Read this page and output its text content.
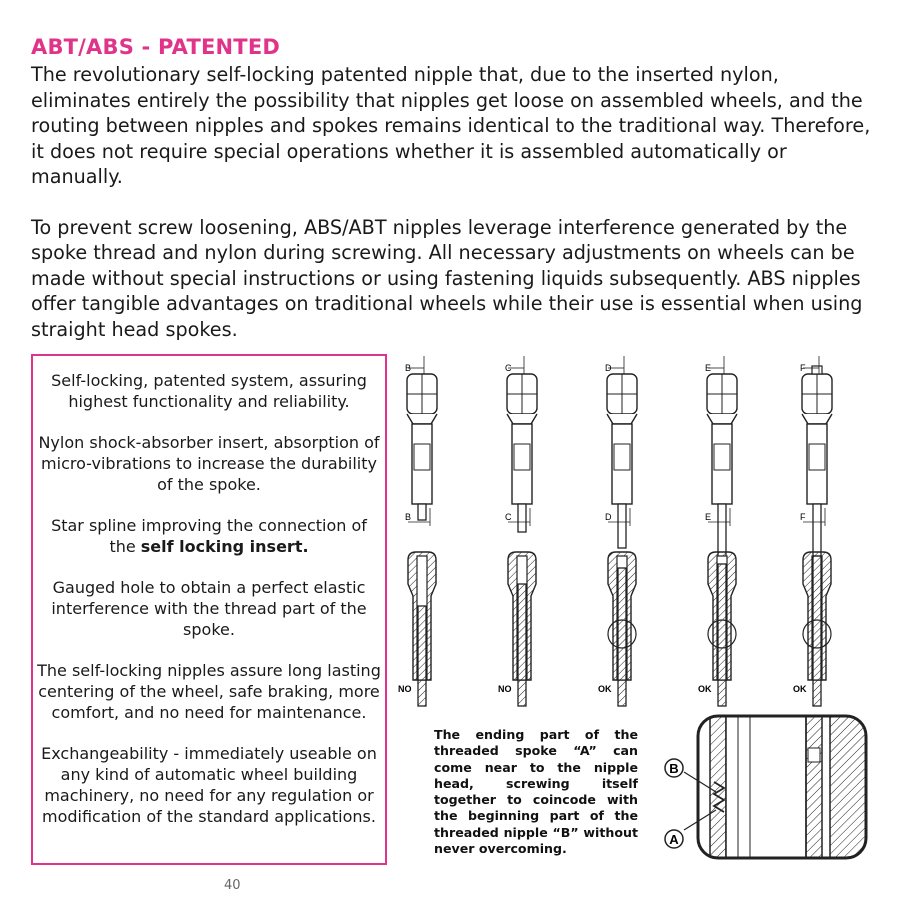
ABT/ABS - PATENTED

The revolutionary self-locking patented nipple that, due to the inserted nylon, eliminates entirely the possibility that nipples get loose on assembled wheels, and the routing between nipples and spokes remains identical to the traditional way. Therefore, it does not require special operations whether it is assembled automatically or manually.

To prevent screw loosening, ABS/ABT nipples leverage interference generated by the spoke thread and nylon during screwing. All necessary adjustments on wheels can be made without special instructions or using fastening liquids subsequently. ABS nipples offer tangible advantages on traditional wheels while their use is essential when using straight head spokes.

Self-locking, patented system, assuring highest functionality and reliability.

Nylon shock-absorber insert, absorption of micro-vibrations to increase the durability of the spoke.

Star spline improving the connection of the self locking insert.

Gauged hole to obtain a perfect elastic interference with the thread part of the spoke.

The self-locking nipples assure long lasting centering of the wheel, safe braking, more comfort, and no need for maintenance.

Exchangeability - immediately useable on any kind of automatic wheel building machinery, no need for any regulation or modification of the standard applications.

B
B
NO
C
C
NO
D
D
OK
E
E
OK
F
F
OK
The ending part of the threaded spoke “A” can come near to the nipple head, screwing itself together to coincode with the beginning part of the threaded nipple “B” without never overcoming.
B
A
40
